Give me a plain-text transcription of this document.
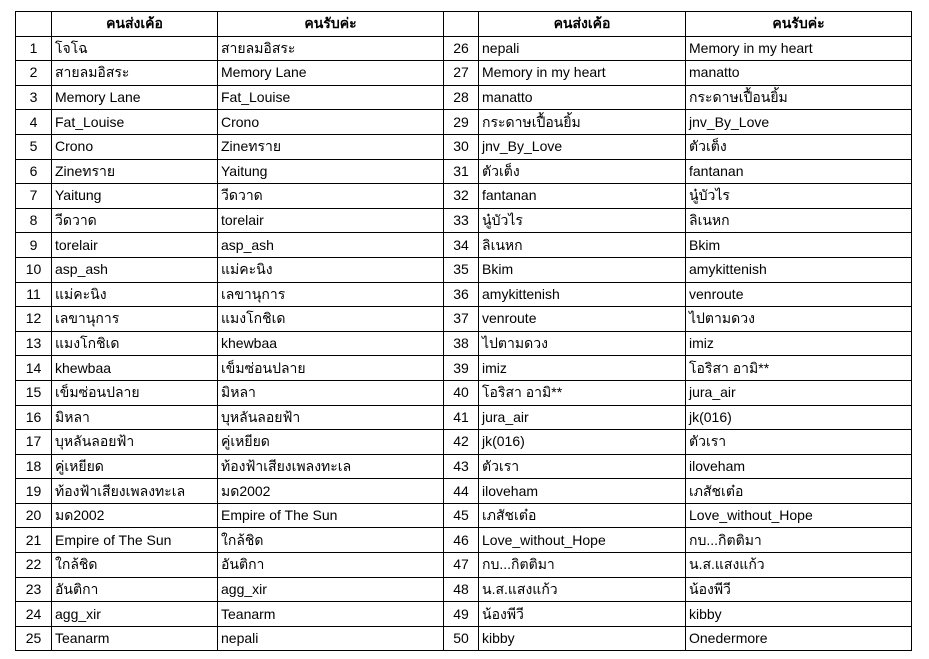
	คนส่งเค้อ	คนรับค่ะ		คนส่งเค้อ	คนรับค่ะ
1	โจโฉ	สายลมอิสระ	26	nepali	Memory in my heart
2	สายลมอิสระ	Memory Lane	27	Memory in my heart	manatto
3	Memory Lane	Fat_Louise	28	manatto	กระดาษเปื้อนยิ้ม
4	Fat_Louise	Crono	29	กระดาษเปื้อนยิ้ม	jnv_By_Love
5	Crono	Zineทราย	30	jnv_By_Love	ตัวเต็ง
6	Zineทราย	Yaitung	31	ตัวเต็ง	fantanan
7	Yaitung	วีดวาด	32	fantanan	นู๋บัวไร
8	วีดวาด	torelair	33	นู๋บัวไร	ลิเนหก
9	torelair	asp_ash	34	ลิเนหก	Bkim
10	asp_ash	แม่คะนิง	35	Bkim	amykittenish
11	แม่คะนิง	เลขานุการ	36	amykittenish	venroute
12	เลขานุการ	แมงโกชิเด	37	venroute	ไปตามดวง
13	แมงโกชิเด	khewbaa	38	ไปตามดวง	imiz
14	khewbaa	เข็มซ่อนปลาย	39	imiz	โอริสา อามิ**
15	เข็มซ่อนปลาย	มิหลา	40	โอริสา อามิ**	jura_air
16	มิหลา	บุหลันลอยฟ้า	41	jura_air	jk(016)
17	บุหลันลอยฟ้า	คู่เหยียด	42	jk(016)	ตัวเรา
18	คู่เหยียด	ท้องฟ้าเสียงเพลงทะเล	43	ตัวเรา	iloveham
19	ท้องฟ้าเสียงเพลงทะเล	มด2002	44	iloveham	เภสัชเต๋อ
20	มด2002	Empire of The Sun	45	เภสัชเต๋อ	Love_without_Hope
21	Empire of The Sun	ใกล้ชิด	46	Love_without_Hope	กบ...กิตติมา
22	ใกล้ชิด	อันติกา	47	กบ...กิตติมา	น.ส.แสงแก้ว
23	อันติกา	agg_xir	48	น.ส.แสงแก้ว	น้องพีวี
24	agg_xir	Teanarm	49	น้องพีวี	kibby
25	Teanarm	nepali	50	kibby	Onedermore
